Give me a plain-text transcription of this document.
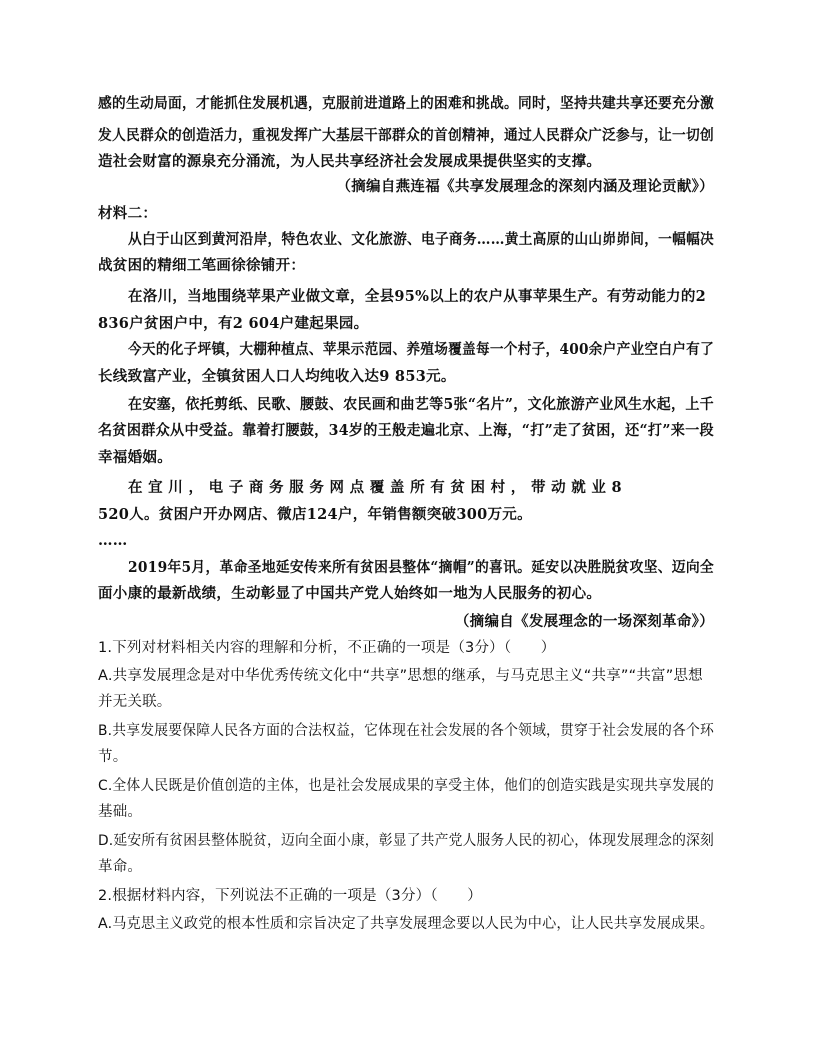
感的生动局面，才能抓住发展机遇，克服前进道路上的困难和挑战。同时，坚持共建共享还要充分激
发人民群众的创造活力，重视发挥广大基层干部群众的首创精神，通过人民群众广泛参与，让一切创
造社会财富的源泉充分涌流，为人民共享经济社会发展成果提供坚实的支撑。
（摘编自燕连福《共享发展理念的深刻内涵及理论贡献》）
材料二：
从白于山区到黄河沿岸，特色农业、文化旅游、电子商务……黄土高原的山山峁峁间，一幅幅决
战贫困的精细工笔画徐徐铺开：
在洛川，当地围绕苹果产业做文章，全县95%以上的农户从事苹果生产。有劳动能力的2
836户贫困户中，有2 604户建起果园。
今天的化子坪镇，大棚种植点、苹果示范园、养殖场覆盖每一个村子，400余户产业空白户有了
长线致富产业，全镇贫困人口人均纯收入达9 853元。
在安塞，依托剪纸、民歌、腰鼓、农民画和曲艺等5张“名片”，文化旅游产业风生水起，上千
名贫困群众从中受益。靠着打腰鼓，34岁的王般走遍北京、上海，“打”走了贫困，还“打”来一段
幸福婚姻。
在 宜 川 ， 电 子 商 务 服 务 网 点 覆 盖 所 有 贫 困 村 ， 带 动 就 业 8
520人。贫困户开办网店、微店124户，年销售额突破300万元。
……
2019年5月，革命圣地延安传来所有贫困县整体“摘帽”的喜讯。延安以决胜脱贫攻坚、迈向全
面小康的最新战绩，生动彰显了中国共产党人始终如一地为人民服务的初心。
（摘编自《发展理念的一场深刻革命》）
1.下列对材料相关内容的理解和分析，不正确的一项是（3分）（　　）
A.共享发展理念是对中华优秀传统文化中“共享”思想的继承，与马克思主义“共享”“共富”思想
并无关联。
B.共享发展要保障人民各方面的合法权益，它体现在社会发展的各个领域，贯穿于社会发展的各个环
节。
C.全体人民既是价值创造的主体，也是社会发展成果的享受主体，他们的创造实践是实现共享发展的
基础。
D.延安所有贫困县整体脱贫，迈向全面小康，彰显了共产党人服务人民的初心，体现发展理念的深刻
革命。
2.根据材料内容，下列说法不正确的一项是（3分）（　　）
A.马克思主义政党的根本性质和宗旨决定了共享发展理念要以人民为中心，让人民共享发展成果。
